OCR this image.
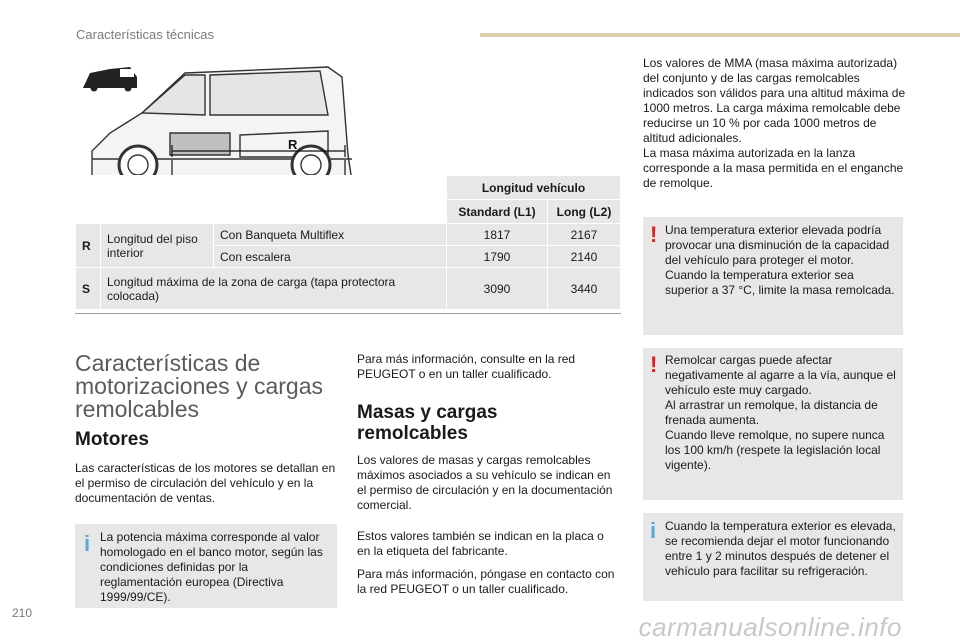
Características técnicas
R
			Longitud vehículo	
			Standard (L1)	Long (L2)
R	Longitud del piso interior	Con Banqueta Multiflex	1817	2167
		Con escalera	1790	2140
S	Longitud máxima de la zona de carga (tapa protectora colocada)		3090	3440
Características de motorizaciones y cargas remolcables
Motores
Las características de los motores se detallan en el permiso de circulación del vehículo y en la documentación de ventas.
i La potencia máxima corresponde al valor homologado en el banco motor, según las condiciones definidas por la reglamentación europea (Directiva 1999/99/CE).
Para más información, consulte en la red PEUGEOT o en un taller cualificado.
Masas y cargas remolcables
Los valores de masas y cargas remolcables máximos asociados a su vehículo se indican en el permiso de circulación y en la documentación comercial.
Estos valores también se indican en la placa o en la etiqueta del fabricante.
Para más información, póngase en contacto con la red PEUGEOT o un taller cualificado.
Los valores de MMA (masa máxima autorizada) del conjunto y de las cargas remolcables indicados son válidos para una altitud máxima de 1000 metros. La carga máxima remolcable debe reducirse un 10 % por cada 1000 metros de altitud adicionales.
La masa máxima autorizada en la lanza corresponde a la masa permitida en el enganche de remolque.
! Una temperatura exterior elevada podría provocar una disminución de la capacidad del vehículo para proteger el motor. Cuando la temperatura exterior sea superior a 37 °C, limite la masa remolcada.
! Remolcar cargas puede afectar negativamente al agarre a la vía, aunque el vehículo este muy cargado.
Al arrastrar un remolque, la distancia de frenada aumenta.
Cuando lleve remolque, no supere nunca los 100 km/h (respete la legislación local vigente).
i Cuando la temperatura exterior es elevada, se recomienda dejar el motor funcionando entre 1 y 2 minutos después de detener el vehículo para facilitar su refrigeración.
210	carmanualsonline.info
